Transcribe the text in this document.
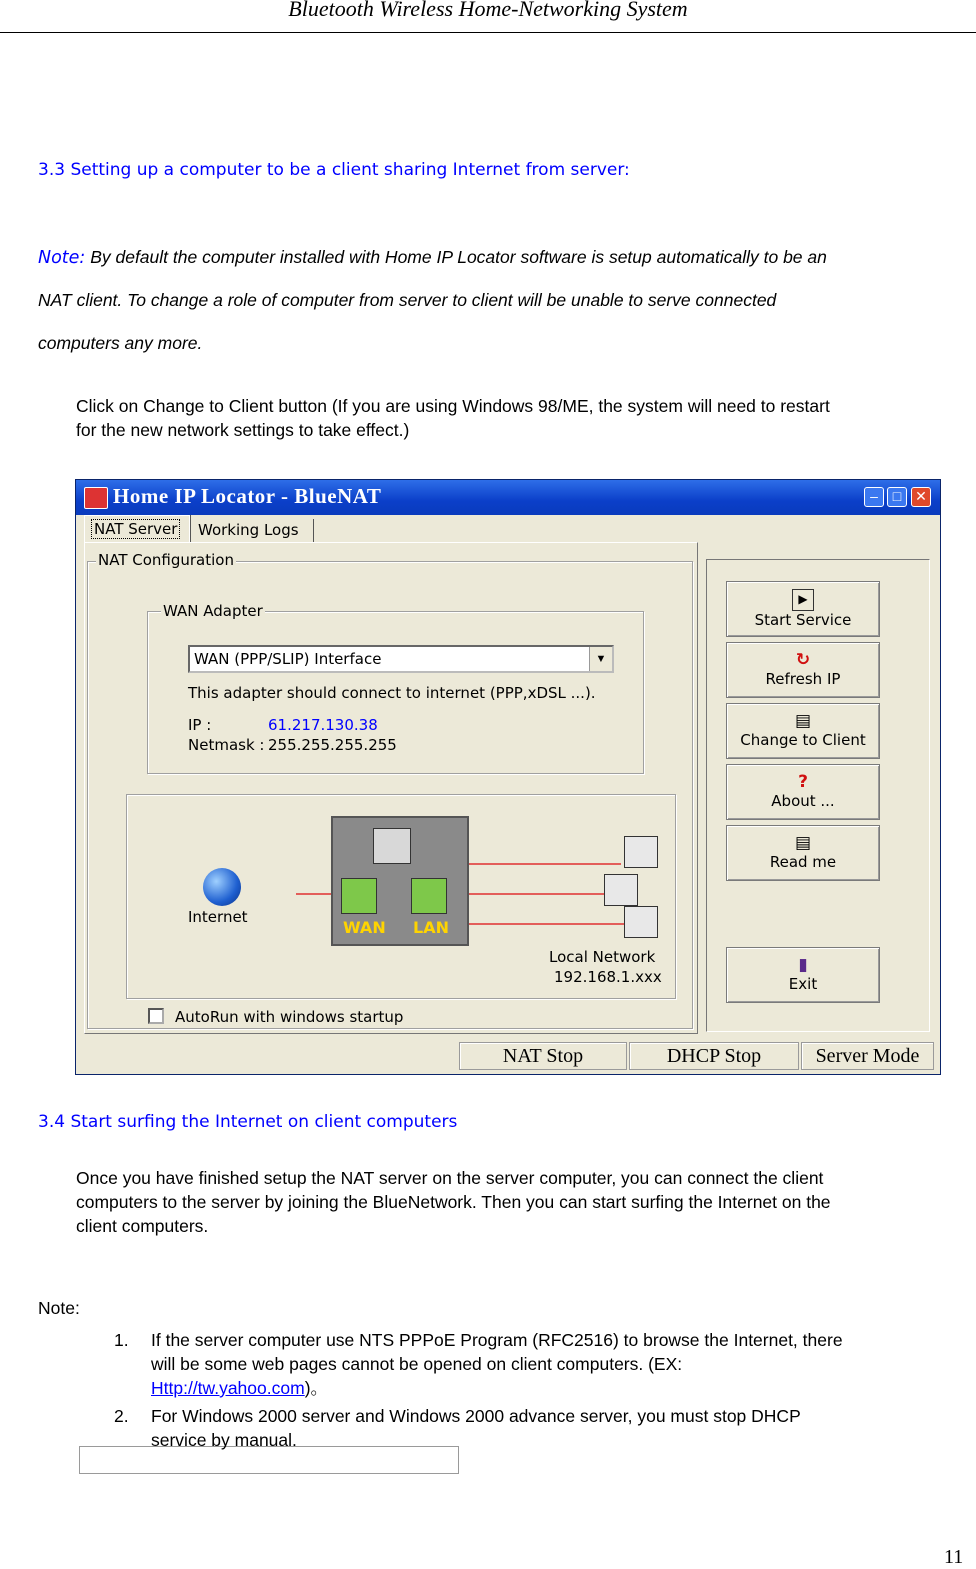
Bluetooth Wireless Home-Networking System
3.3 Setting up a computer to be a client sharing Internet from server:
Note: By default the computer installed with Home IP Locator software is setup automatically to be an
NAT client. To change a role of computer from server to client will be unable to serve connected
computers any more.
Click on Change to Client button (If you are using Windows 98/ME, the system will need to restart
for the new network settings to take effect.)
Home IP Locator - BlueNAT	–	□ ✕
NAT Server	Working Logs
NAT Configuration
WAN Adapter
WAN (PPP/SLIP) Interface	▼
This adapter should connect to internet (PPP,xDSL ...).
IP :	61.217.130.38
Netmask : 255.255.255.255
Internet
WAN LAN
Local Network
192.168.1.xxx
AutoRun with windows startup
▶
Start Service
↻
Refresh IP
▤
Change to Client
?
About ...
▤
Read me
▮
Exit
NAT Stop	DHCP Stop	Server Mode
3.4 Start surfing the Internet on client computers
Once you have finished setup the NAT server on the server computer, you can connect the client
computers to the server by joining the BlueNetwork. Then you can start surfing the Internet on the
client computers.
Note:
1. If the server computer use NTS PPPoE Program (RFC2516) to browse the Internet, there
will be some web pages cannot be opened on client computers. (EX:
Http://tw.yahoo.com)。
2. For Windows 2000 server and Windows 2000 advance server, you must stop DHCP
service by manual.
11
